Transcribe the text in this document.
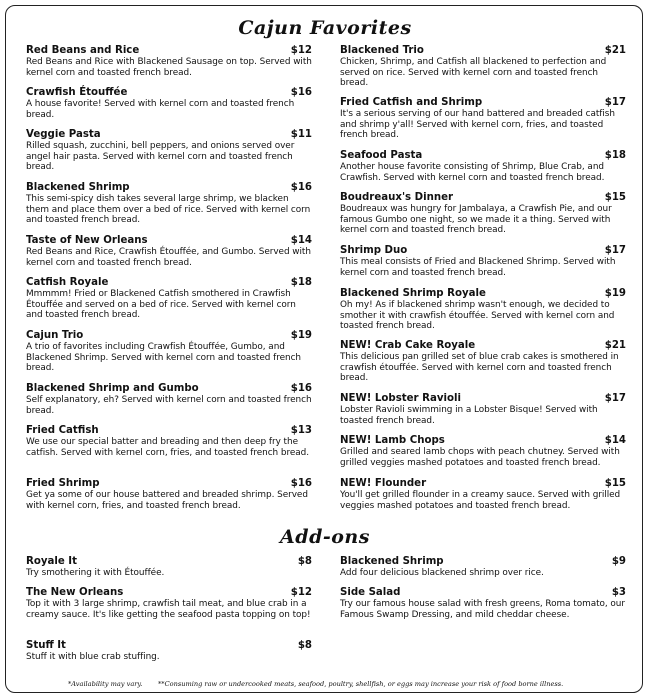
Cajun Favorites
Red Beans and Rice	$12
Red Beans and Rice with Blackened Sausage on top. Served with kernel corn and toasted french bread.
Crawfish Étouffée	$16
A house favorite! Served with kernel corn and toasted french bread.
Veggie Pasta	$11
Rilled squash, zucchini, bell peppers, and onions served over angel hair pasta. Served with kernel corn and toasted french bread.
Blackened Shrimp	$16
This semi-spicy dish takes several large shrimp, we blacken them and place them over a bed of rice. Served with kernel corn and toasted french bread.
Taste of New Orleans	$14
Red Beans and Rice, Crawfish Étouffée, and Gumbo. Served with kernel corn and toasted french bread.
Catfish Royale	$18
Mmmmm! Fried or Blackened Catfish smothered in Crawfish Étouffée and served on a bed of rice. Served with kernel corn and toasted french bread.
Cajun Trio	$19
A trio of favorites including Crawfish Étouffée, Gumbo, and Blackened Shrimp. Served with kernel corn and toasted french bread.
Blackened Shrimp and Gumbo	$16
Self explanatory, eh? Served with kernel corn and toasted french bread.
Fried Catfish	$13
We use our special batter and breading and then deep fry the catfish. Served with kernel corn, fries, and toasted french bread.
Fried Shrimp	$16
Get ya some of our house battered and breaded shrimp. Served with kernel corn, fries, and toasted french bread.
Blackened Trio	$21
Chicken, Shrimp, and Catfish all blackened to perfection and served on rice. Served with kernel corn and toasted french bread.
Fried Catfish and Shrimp	$17
It's a serious serving of our hand battered and breaded catfish and shrimp y'all! Served with kernel corn, fries, and toasted french bread.
Seafood Pasta	$18
Another house favorite consisting of Shrimp, Blue Crab, and Crawfish. Served with kernel corn and toasted french bread.
Boudreaux's Dinner	$15
Boudreaux was hungry for Jambalaya, a Crawfish Pie, and our famous Gumbo one night, so we made it a thing. Served with kernel corn and toasted french bread.
Shrimp Duo	$17
This meal consists of Fried and Blackened Shrimp. Served with kernel corn and toasted french bread.
Blackened Shrimp Royale	$19
Oh my! As if blackened shrimp wasn't enough, we decided to smother it with crawfish étouffée. Served with kernel corn and toasted french bread.
NEW! Crab Cake Royale	$21
This delicious pan grilled set of blue crab cakes is smothered in crawfish étouffée. Served with kernel corn and toasted french bread.
NEW! Lobster Ravioli	$17
Lobster Ravioli swimming in a Lobster Bisque! Served with toasted french bread.
NEW! Lamb Chops	$14
Grilled and seared lamb chops with peach chutney. Served with grilled veggies mashed potatoes and toasted french bread.
NEW! Flounder	$15
You'll get grilled flounder in a creamy sauce. Served with grilled veggies mashed potatoes and toasted french bread.
Add-ons
Royale It	$8
Try smothering it with Étouffée.
The New Orleans	$12
Top it with 3 large shrimp, crawfish tail meat, and blue crab in a creamy sauce. It's like getting the seafood pasta topping on top!
Stuff It	$8
Stuff it with blue crab stuffing.
Blackened Shrimp	$9
Add four delicious blackened shrimp over rice.
Side Salad	$3
Try our famous house salad with fresh greens, Roma tomato, our Famous Swamp Dressing, and mild cheddar cheese.
*Availability may vary. **Consuming raw or undercooked meats, seafood, poultry, shellfish, or eggs may increase your risk of food borne illness.
